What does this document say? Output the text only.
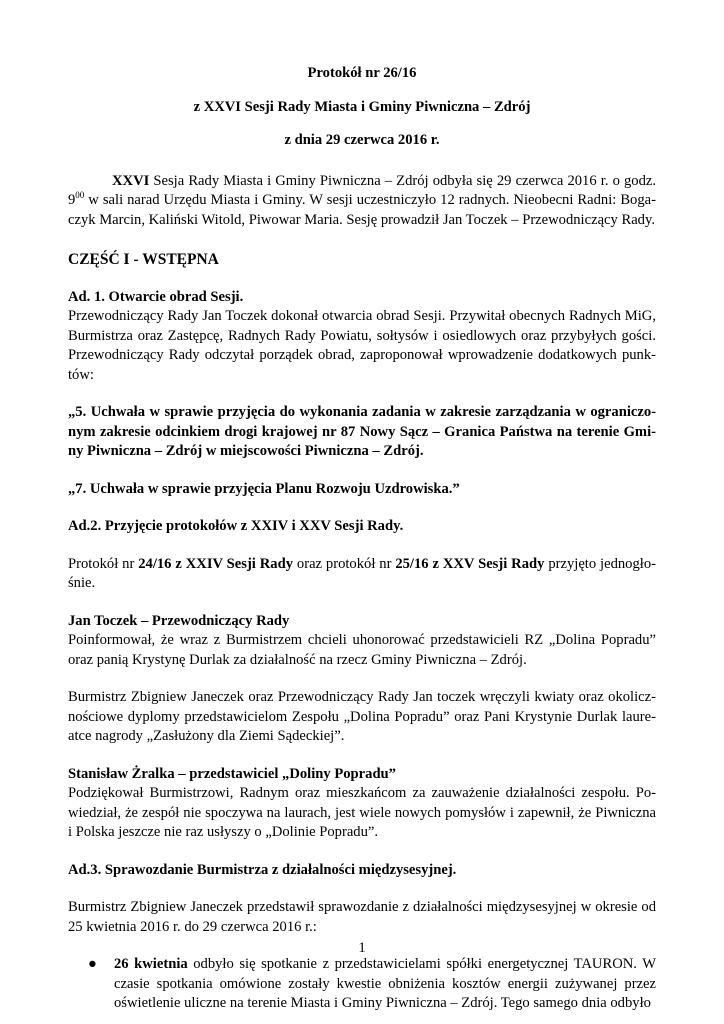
Protokół nr 26/16

z XXVI Sesji Rady Miasta i Gminy Piwniczna – Zdrój

z dnia 29 czerwca 2016 r.

XXVI Sesja Rady Miasta i Gminy Piwniczna – Zdrój odbyła się 29 czerwca 2016 r. o godz. $9^{00}$ w sali narad Urzędu Miasta i Gminy. W sesji uczestniczyło 12 radnych. Nieobecni Radni: Boga-czyk Marcin, Kaliński Witold, Piwowar Maria. Sesję prowadził Jan Toczek – Przewodniczący Rady.

CZĘŚĆ I - WSTĘPNA

Ad. 1. Otwarcie obrad Sesji.

Przewodniczący Rady Jan Toczek dokonał otwarcia obrad Sesji. Przywitał obecnych Radnych MiG, Burmistrza oraz Zastępcę, Radnych Rady Powiatu, sołtysów i osiedlowych oraz przybyłych gości. Przewodniczący Rady odczytał porządek obrad, zaproponował wprowadzenie dodatkowych punk-tów:

„5. Uchwała w sprawie przyjęcia do wykonania zadania w zakresie zarządzania w ograniczo-nym zakresie odcinkiem drogi krajowej nr 87 Nowy Sącz – Granica Państwa na terenie Gmi-ny Piwniczna – Zdrój w miejscowości Piwniczna – Zdrój.

„7. Uchwała w sprawie przyjęcia Planu Rozwoju Uzdrowiska.”

Ad.2. Przyjęcie protokołów z XXIV i XXV Sesji Rady.

Protokół nr 24/16 z XXIV Sesji Rady oraz protokół nr 25/16 z XXV Sesji Rady przyjęto jednogło-śnie.

Jan Toczek – Przewodniczący Rady

Poinformował, że wraz z Burmistrzem chcieli uhonorować przedstawicieli RZ „Dolina Popradu” oraz panią Krystynę Durlak za działalność na rzecz Gminy Piwniczna – Zdrój.

Burmistrz Zbigniew Janeczek oraz Przewodniczący Rady Jan toczek wręczyli kwiaty oraz okolicz-nościowe dyplomy przedstawicielom Zespołu „Dolina Popradu” oraz Pani Krystynie Durlak laure-atce nagrody „Zasłużony dla Ziemi Sądeckiej”.

Stanisław Żralka – przedstawiciel „Doliny Popradu”

Podziękował Burmistrzowi, Radnym oraz mieszkańcom za zauważenie działalności zespołu. Po-wiedział, że zespół nie spoczywa na laurach, jest wiele nowych pomysłów i zapewnił, że Piwniczna i Polska jeszcze nie raz usłyszy o „Dolinie Popradu”.

Ad.3. Sprawozdanie Burmistrza z działalności międzysesyjnej.

Burmistrz Zbigniew Janeczek przedstawił sprawozdanie z działalności międzysesyjnej w okresie od 25 kwietnia 2016 r. do 29 czerwca 2016 r.:

● 26 kwietnia odbyło się spotkanie z przedstawicielami spółki energetycznej TAURON. W czasie spotkania omówione zostały kwestie obniżenia kosztów energii zużywanej przez oświetlenie uliczne na terenie Miasta i Gminy Piwniczna – Zdrój. Tego samego dnia odbyło
1
